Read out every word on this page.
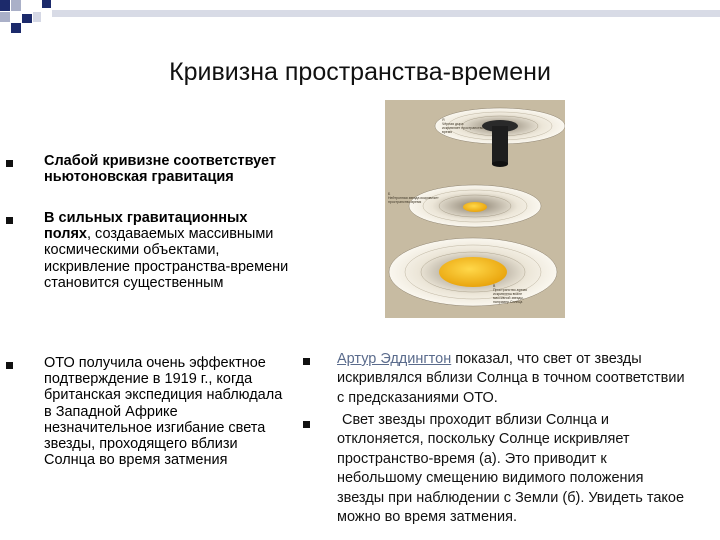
Кривизна пространства-времени
Слабой кривизне соответствует ньютоновская гравитация
В сильных гравитационных полях, создаваемых массивными космическими объектами, искривление пространства-времени становится существенным
ОТО получила очень эффектное подтверждение в 1919 г., когда британская экспедиция наблюдала в Западной Африке незначительное изгибание света звезды, проходящего вблизи Солнца во время затмения
Я
Чёрная дыра
искривляет пространство-
время
Б
Нейтронная звезда искривляет
пространство-время
В
Пространство-время
искривлено возле
массивной звезды,
например Солнца
Артур Эддингтон показал, что свет от звезды искривлялся вблизи Солнца в точном соответствии с предсказаниями ОТО.
Свет звезды проходит вблизи Солнца и отклоняется, поскольку Солнце искривляет пространство-время (а). Это приводит к небольшому смещению видимого положения звезды при наблюдении с Земли (б). Увидеть такое можно во время затмения.
